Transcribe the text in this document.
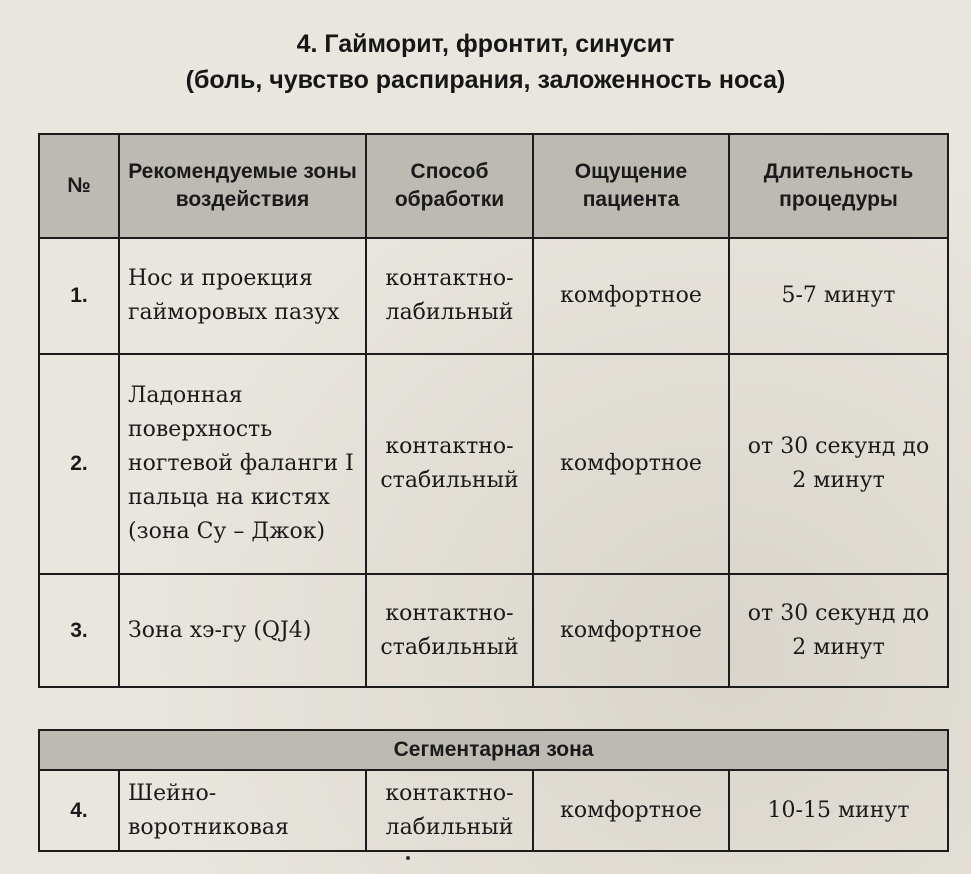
4. Гайморит, фронтит, синусит
(боль, чувство распирания, заложенность носа)
№	Рекомендуемые зоны воздействия	Способ обработки	Ощущение пациента	Длительность процедуры
1.	Нос и проекция гайморовых пазух	контактно-лабильный	комфортное	5-7 минут
2.	Ладонная поверхность ногтевой фаланги I пальца на кистях (зона Су – Джок)	контактно-стабильный	комфортное	от 30 секунд до 2 минут
3.	Зона хэ-гу (QJ4)	контактно-стабильный	комфортное	от 30 секунд до 2 минут
Сегментарная зона
4.	Шейно-воротниковая	контактно-лабильный	комфортное	10-15 минут
